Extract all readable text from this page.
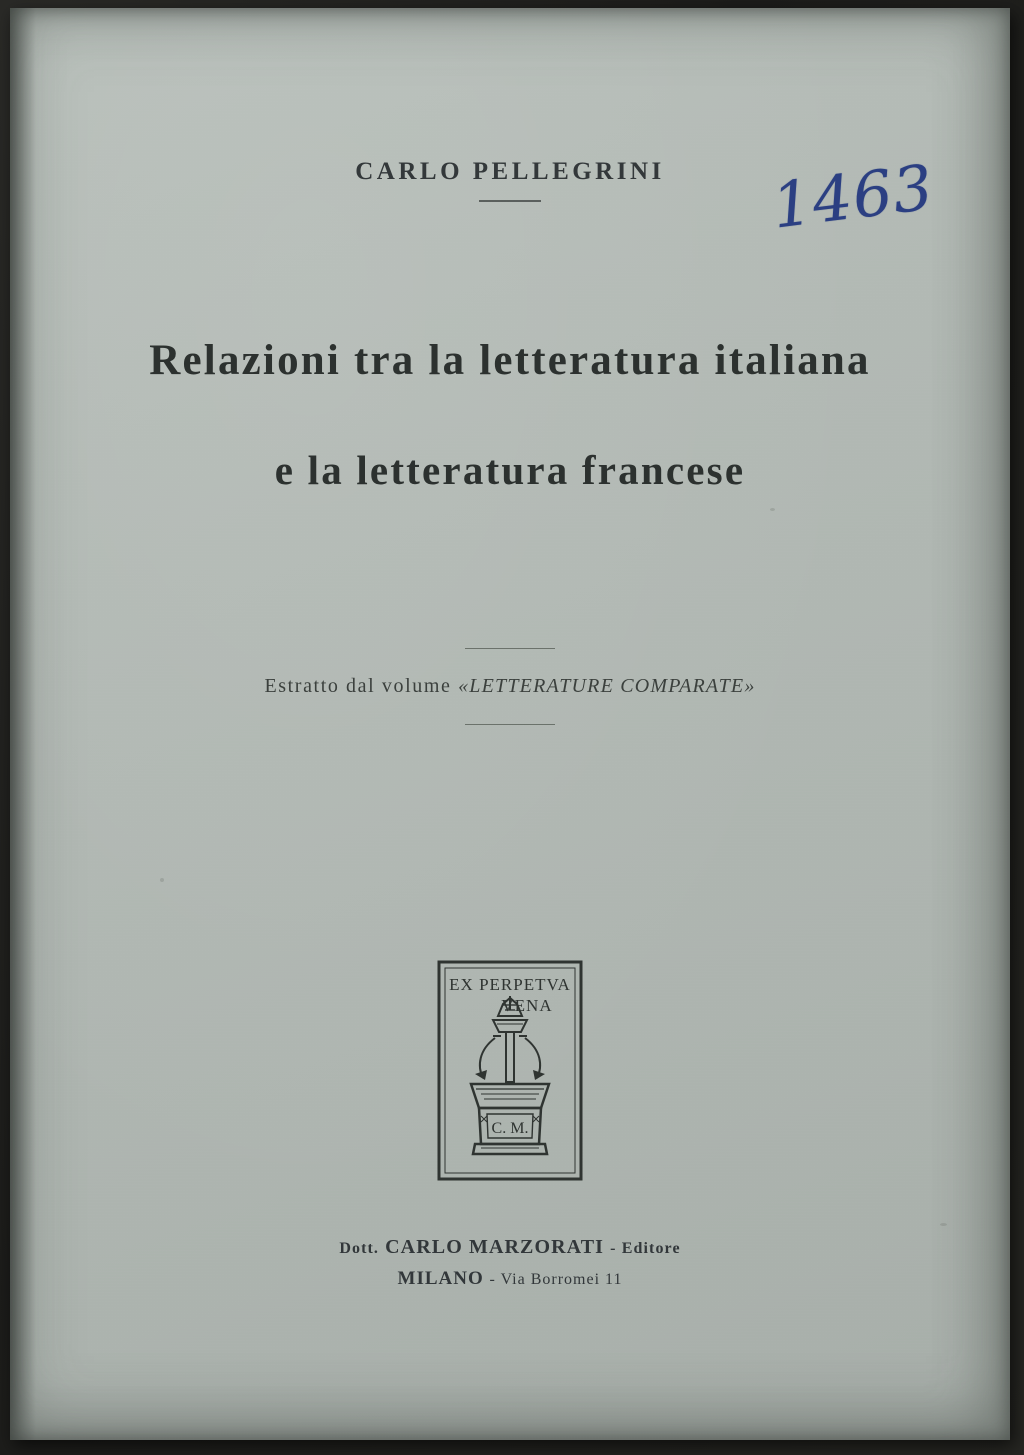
CARLO PELLEGRINI	1463
Relazioni tra la letteratura italiana
e la letteratura francese
Estratto dal volume «LETTERATURE COMPARATE»
EX PERPETVA
VENA
C. M.
Dott. CARLO MARZORATI - Editore
MILANO - Via Borromei 11
